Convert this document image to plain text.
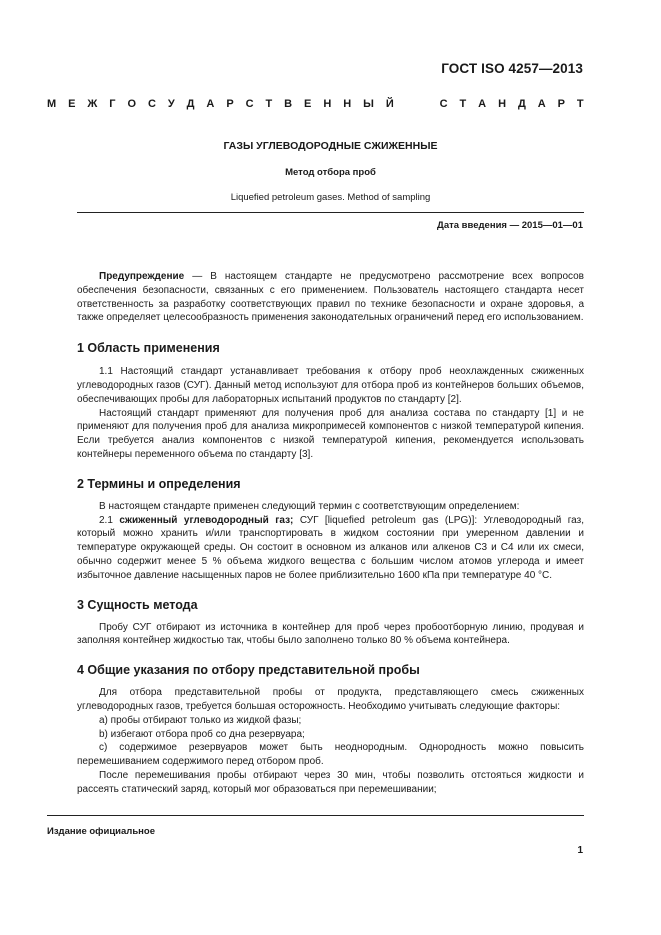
ГОСТ ISO 4257—2013
М Е Ж Г О С У Д А Р С Т В Е Н Н Ы Й	С Т А Н Д А Р Т
ГАЗЫ УГЛЕВОДОРОДНЫЕ СЖИЖЕННЫЕ
Метод отбора проб
Liquefied petroleum gases. Method of sampling
Дата введения — 2015—01—01

Предупреждение — В настоящем стандарте не предусмотрено рассмотрение всех вопросов обеспечения безопасности, связанных с его применением. Пользователь настоящего стандарта несет ответственность за разработку соответствующих правил по технике безопасности и охране здоровья, а также определяет целесообразность применения законодательных ограничений перед его использованием.

1 Область применения

1.1 Настоящий стандарт устанавливает требования к отбору проб неохлажденных сжиженных углеводородных газов (СУГ). Данный метод используют для отбора проб из контейнеров больших объемов, обеспечивающих пробы для лабораторных испытаний продуктов по стандарту [2].

Настоящий стандарт применяют для получения проб для анализа состава по стандарту [1] и не применяют для получения проб для анализа микропримесей компонентов с низкой температурой кипения. Если требуется анализ компонентов с низкой температурой кипения, рекомендуется использовать контейнеры переменного объема по стандарту [3].

2 Термины и определения

В настоящем стандарте применен следующий термин с соответствующим определением:

2.1 сжиженный углеводородный газ; СУГ [liquefied petroleum gas (LPG)]: Углеводородный газ, который можно хранить и/или транспортировать в жидком состоянии при умеренном давлении и температуре окружающей среды. Он состоит в основном из алканов или алкенов С3 и С4 или их смеси, обычно содержит менее 5 % объема жидкого вещества с большим числом атомов углерода и имеет избыточное давление насыщенных паров не более приблизительно 1600 кПа при температуре 40 °С.

3 Сущность метода

Пробу СУГ отбирают из источника в контейнер для проб через пробоотборную линию, продувая и заполняя контейнер жидкостью так, чтобы было заполнено только 80 % объема контейнера.

4 Общие указания по отбору представительной пробы

Для отбора представительной пробы от продукта, представляющего смесь сжиженных углеводородных газов, требуется большая осторожность. Необходимо учитывать следующие факторы:

а) пробы отбирают только из жидкой фазы;

b) избегают отбора проб со дна резервуара;

с) содержимое резервуаров может быть неоднородным. Однородность можно повысить перемешиванием содержимого перед отбором проб.

После перемешивания пробы отбирают через 30 мин, чтобы позволить отстояться жидкости и рассеять статический заряд, который мог образоваться при перемешивании;

Издание официальное
1
